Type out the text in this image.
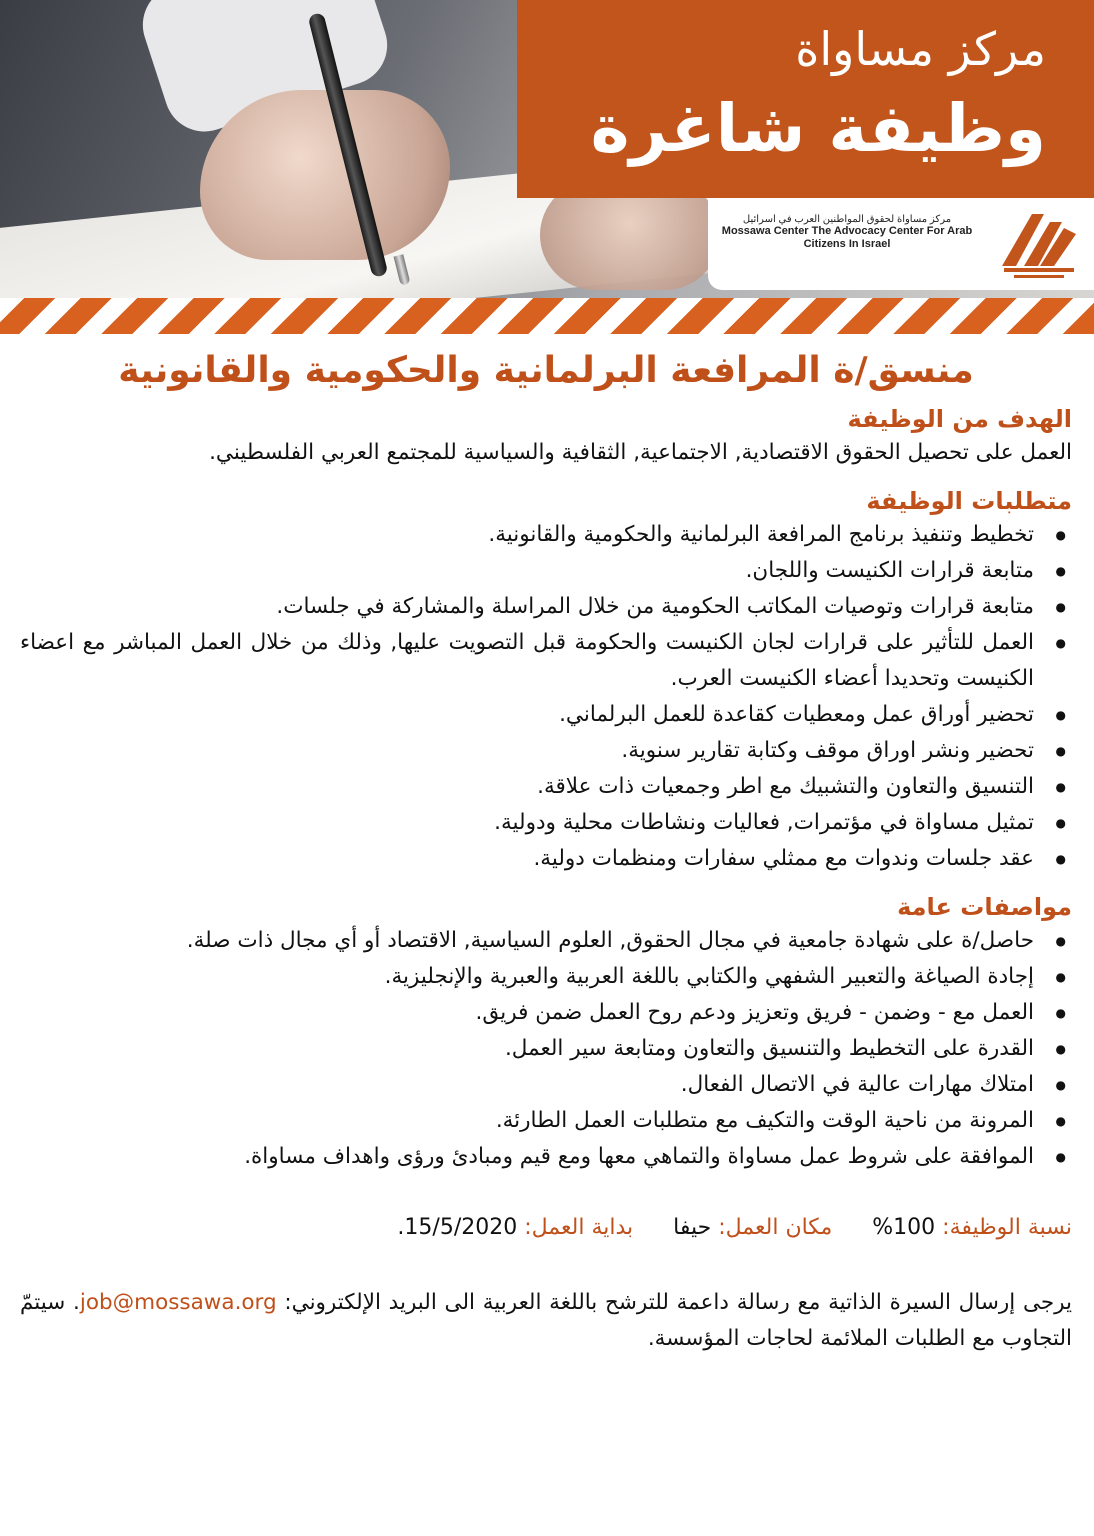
مركز مساواة
وظيفة شاغرة
مركز مساواة لحقوق المواطنين العرب في اسرائيل
Mossawa Center The Advocacy Center For Arab Citizens In Israel
منسق/ة المرافعة البرلمانية والحكومية والقانونية
الهدف من الوظيفة
العمل على تحصيل الحقوق الاقتصادية, الاجتماعية, الثقافية والسياسية للمجتمع العربي الفلسطيني.
متطلبات الوظيفة
● تخطيط وتنفيذ برنامج المرافعة البرلمانية والحكومية والقانونية.
● متابعة قرارات الكنيست واللجان.
● متابعة قرارات وتوصيات المكاتب الحكومية من خلال المراسلة والمشاركة في جلسات.
● العمل للتأثير على قرارات لجان الكنيست والحكومة قبل التصويت عليها, وذلك من خلال العمل المباشر مع اعضاء الكنيست وتحديدا أعضاء الكنيست العرب.
● تحضير أوراق عمل ومعطيات كقاعدة للعمل البرلماني.
● تحضير ونشر اوراق موقف وكتابة تقارير سنوية.
● التنسيق والتعاون والتشبيك مع اطر وجمعيات ذات علاقة.
● تمثيل مساواة في مؤتمرات, فعاليات ونشاطات محلية ودولية.
● عقد جلسات وندوات مع ممثلي سفارات ومنظمات دولية.
مواصفات عامة
● حاصل/ة على شهادة جامعية في مجال الحقوق, العلوم السياسية, الاقتصاد أو أي مجال ذات صلة.
● إجادة الصياغة والتعبير الشفهي والكتابي باللغة العربية والعبرية والإنجليزية.
● العمل مع - وضمن - فريق وتعزيز ودعم روح العمل ضمن فريق.
● القدرة على التخطيط والتنسيق والتعاون ومتابعة سير العمل.
● امتلاك مهارات عالية في الاتصال الفعال.
● المرونة من ناحية الوقت والتكيف مع متطلبات العمل الطارئة.
● الموافقة على شروط عمل مساواة والتماهي معها ومع قيم ومبادئ ورؤى واهداف مساواة.
نسبة الوظيفة: 100%  مكان العمل: حيفا  بداية العمل: 15/5/2020.
يرجى إرسال السيرة الذاتية مع رسالة داعمة للترشح باللغة العربية الى البريد الإلكتروني: job@mossawa.org. سيتمّ التجاوب مع الطلبات الملائمة لحاجات المؤسسة.
